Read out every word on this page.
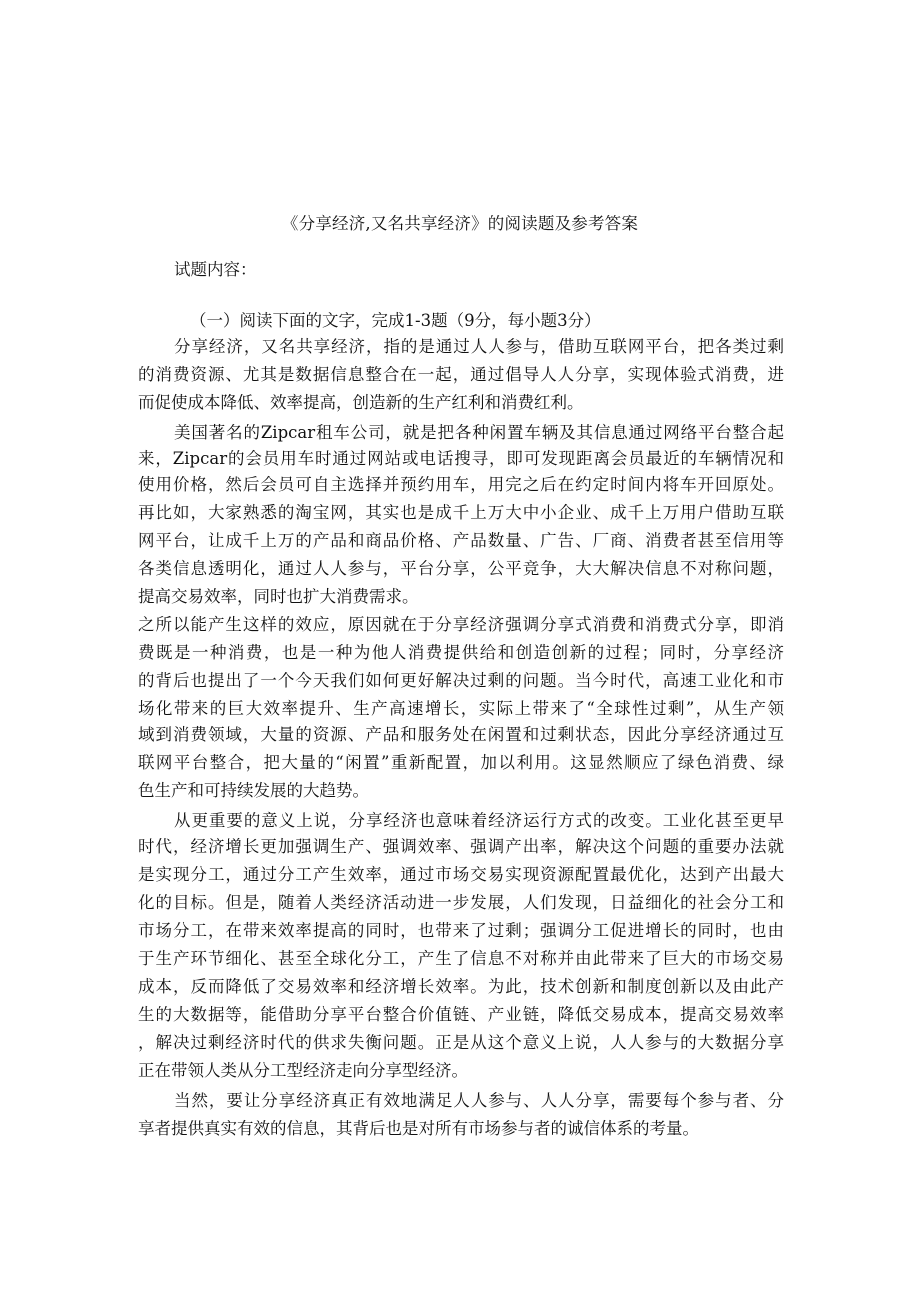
《分享经济,又名共享经济》的阅读题及参考答案
试题内容：
（一）阅读下面的文字，完成1-3题（9分，每小题3分）
分享经济，又名共享经济，指的是通过人人参与，借助互联网平台，把各类过剩
的消费资源、尤其是数据信息整合在一起，通过倡导人人分享，实现体验式消费，进
而促使成本降低、效率提高，创造新的生产红利和消费红利。
美国著名的Zipcar租车公司，就是把各种闲置车辆及其信息通过网络平台整合起
来，Zipcar的会员用车时通过网站或电话搜寻，即可发现距离会员最近的车辆情况和
使用价格，然后会员可自主选择并预约用车，用完之后在约定时间内将车开回原处。
再比如，大家熟悉的淘宝网，其实也是成千上万大中小企业、成千上万用户借助互联
网平台，让成千上万的产品和商品价格、产品数量、广告、厂商、消费者甚至信用等
各类信息透明化，通过人人参与，平台分享，公平竞争，大大解决信息不对称问题，
提高交易效率，同时也扩大消费需求。
之所以能产生这样的效应，原因就在于分享经济强调分享式消费和消费式分享，即消
费既是一种消费，也是一种为他人消费提供给和创造创新的过程；同时，分享经济
的背后也提出了一个今天我们如何更好解决过剩的问题。当今时代，高速工业化和市
场化带来的巨大效率提升、生产高速增长，实际上带来了“全球性过剩”，从生产领
域到消费领域，大量的资源、产品和服务处在闲置和过剩状态，因此分享经济通过互
联网平台整合，把大量的“闲置”重新配置，加以利用。这显然顺应了绿色消费、绿
色生产和可持续发展的大趋势。
从更重要的意义上说，分享经济也意味着经济运行方式的改变。工业化甚至更早
时代，经济增长更加强调生产、强调效率、强调产出率，解决这个问题的重要办法就
是实现分工，通过分工产生效率，通过市场交易实现资源配置最优化，达到产出最大
化的目标。但是，随着人类经济活动进一步发展，人们发现，日益细化的社会分工和
市场分工，在带来效率提高的同时，也带来了过剩；强调分工促进增长的同时，也由
于生产环节细化、甚至全球化分工，产生了信息不对称并由此带来了巨大的市场交易
成本，反而降低了交易效率和经济增长效率。为此，技术创新和制度创新以及由此产
生的大数据等，能借助分享平台整合价值链、产业链，降低交易成本，提高交易效率
，解决过剩经济时代的供求失衡问题。正是从这个意义上说，人人参与的大数据分享
正在带领人类从分工型经济走向分享型经济。
当然，要让分享经济真正有效地满足人人参与、人人分享，需要每个参与者、分
享者提供真实有效的信息，其背后也是对所有市场参与者的诚信体系的考量。
